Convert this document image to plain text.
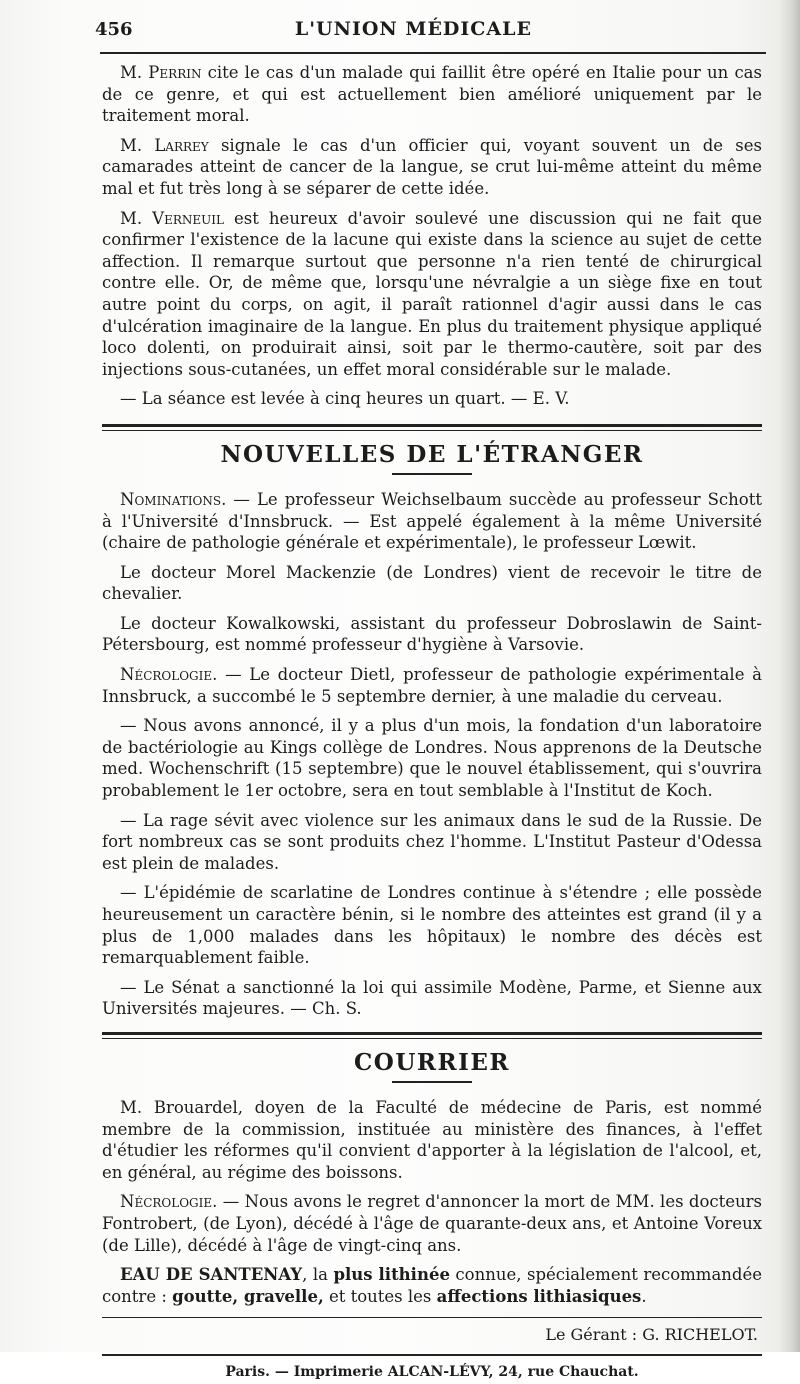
456	L'UNION MÉDICALE

M. Perrin cite le cas d'un malade qui faillit être opéré en Italie pour un cas de ce genre, et qui est actuellement bien amélioré uniquement par le traitement moral.

M. Larrey signale le cas d'un officier qui, voyant souvent un de ses camarades atteint de cancer de la langue, se crut lui-même atteint du même mal et fut très long à se séparer de cette idée.

M. Verneuil est heureux d'avoir soulevé une discussion qui ne fait que confirmer l'existence de la lacune qui existe dans la science au sujet de cette affection. Il remarque surtout que personne n'a rien tenté de chirurgical contre elle. Or, de même que, lorsqu'une névralgie a un siège fixe en tout autre point du corps, on agit, il paraît rationnel d'agir aussi dans le cas d'ulcération imaginaire de la langue. En plus du traitement physique appliqué loco dolenti, on produirait ainsi, soit par le thermo-cautère, soit par des injections sous-cutanées, un effet moral considérable sur le malade.

— La séance est levée à cinq heures un quart. — E. V.

NOUVELLES DE L'ÉTRANGER

Nominations. — Le professeur Weichselbaum succède au professeur Schott à l'Université d'Innsbruck. — Est appelé également à la même Université (chaire de pathologie générale et expérimentale), le professeur Lœwit.

Le docteur Morel Mackenzie (de Londres) vient de recevoir le titre de chevalier.

Le docteur Kowalkowski, assistant du professeur Dobroslawin de Saint-Pétersbourg, est nommé professeur d'hygiène à Varsovie.

Nécrologie. — Le docteur Dietl, professeur de pathologie expérimentale à Innsbruck, a succombé le 5 septembre dernier, à une maladie du cerveau.

— Nous avons annoncé, il y a plus d'un mois, la fondation d'un laboratoire de bactériologie au Kings collège de Londres. Nous apprenons de la Deutsche med. Wochenschrift (15 septembre) que le nouvel établissement, qui s'ouvrira probablement le 1er octobre, sera en tout semblable à l'Institut de Koch.

— La rage sévit avec violence sur les animaux dans le sud de la Russie. De fort nombreux cas se sont produits chez l'homme. L'Institut Pasteur d'Odessa est plein de malades.

— L'épidémie de scarlatine de Londres continue à s'étendre ; elle possède heureusement un caractère bénin, si le nombre des atteintes est grand (il y a plus de 1,000 malades dans les hôpitaux) le nombre des décès est remarquablement faible.

— Le Sénat a sanctionné la loi qui assimile Modène, Parme, et Sienne aux Universités majeures. — Ch. S.

COURRIER

M. Brouardel, doyen de la Faculté de médecine de Paris, est nommé membre de la commission, instituée au ministère des finances, à l'effet d'étudier les réformes qu'il convient d'apporter à la législation de l'alcool, et, en général, au régime des boissons.

Nécrologie. — Nous avons le regret d'annoncer la mort de MM. les docteurs Fontrobert, (de Lyon), décédé à l'âge de quarante-deux ans, et Antoine Voreux (de Lille), décédé à l'âge de vingt-cinq ans.

EAU DE SANTENAY, la plus lithinée connue, spécialement recommandée contre : goutte, gravelle, et toutes les affections lithiasiques.

Le Gérant : G. RICHELOT.
Paris. — Imprimerie ALCAN-LÉVY, 24, rue Chauchat.
